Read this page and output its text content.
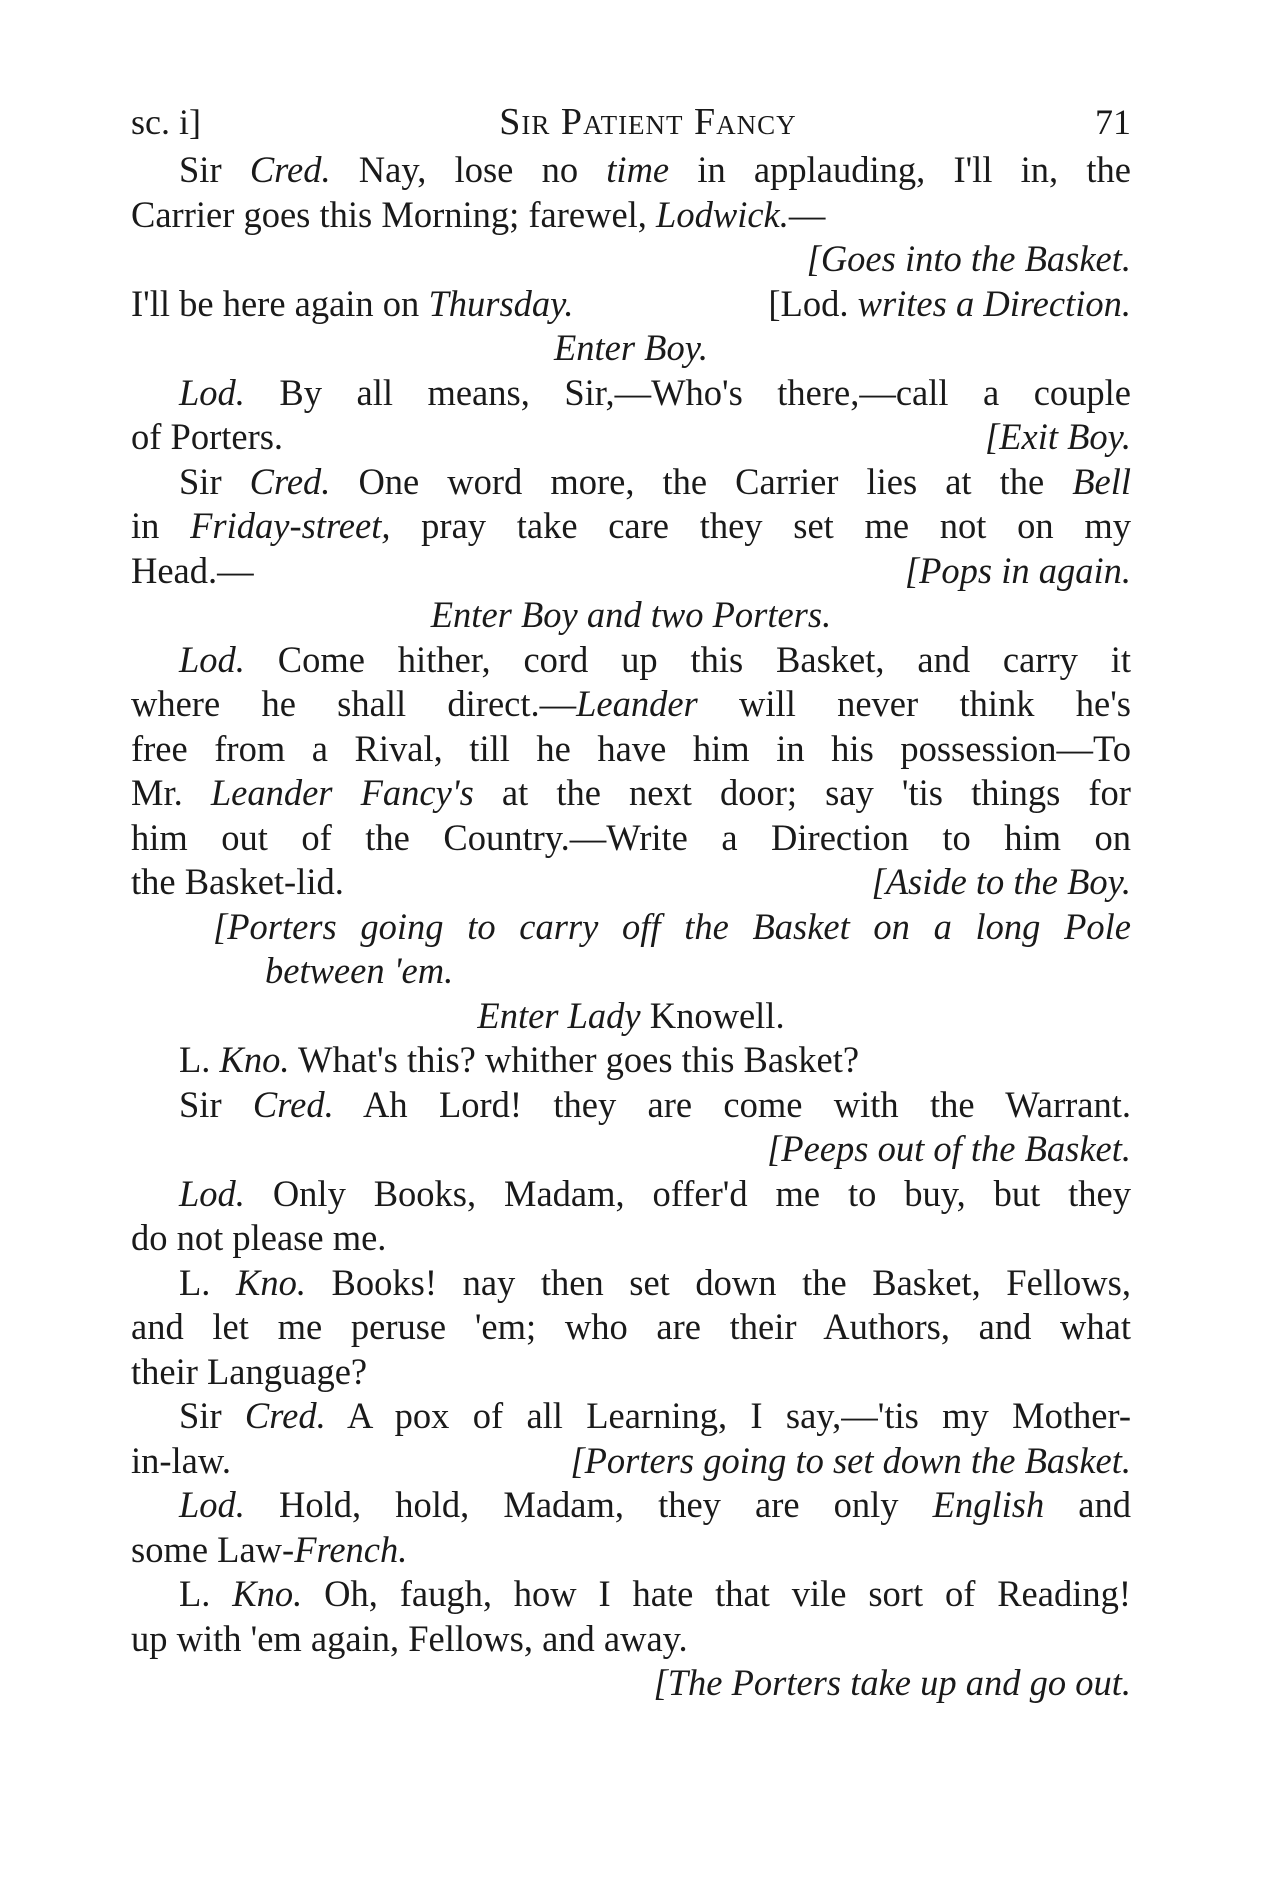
sc. i]	Sir Patient Fancy	71
Sir Cred. Nay, lose no time in applauding, I'll in, the
Carrier goes this Morning; farewel, Lodwick.—
[Goes into the Basket.
I'll be here again on Thursday.	[Lod. writes a Direction.
Enter Boy.
Lod. By all means, Sir,—Who's there,—call a couple
of Porters.	[Exit Boy.
Sir Cred. One word more, the Carrier lies at the Bell
in Friday-street, pray take care they set me not on my
Head.—	[Pops in again.
Enter Boy and two Porters.
Lod. Come hither, cord up this Basket, and carry it
where he shall direct.—Leander will never think he's
free from a Rival, till he have him in his possession—To
Mr. Leander Fancy's at the next door; say 'tis things for
him out of the Country.—Write a Direction to him on
the Basket-lid.	[Aside to the Boy.
[Porters going to carry off the Basket on a long Pole
between 'em.
Enter Lady Knowell.
L. Kno. What's this? whither goes this Basket?
Sir Cred. Ah Lord! they are come with the Warrant.
[Peeps out of the Basket.
Lod. Only Books, Madam, offer'd me to buy, but they
do not please me.
L. Kno. Books! nay then set down the Basket, Fellows,
and let me peruse 'em; who are their Authors, and what
their Language?
Sir Cred. A pox of all Learning, I say,—'tis my Mother-
in-law.	[Porters going to set down the Basket.
Lod. Hold, hold, Madam, they are only English and
some Law-French.
L. Kno. Oh, faugh, how I hate that vile sort of Reading!
up with 'em again, Fellows, and away.
[The Porters take up and go out.
